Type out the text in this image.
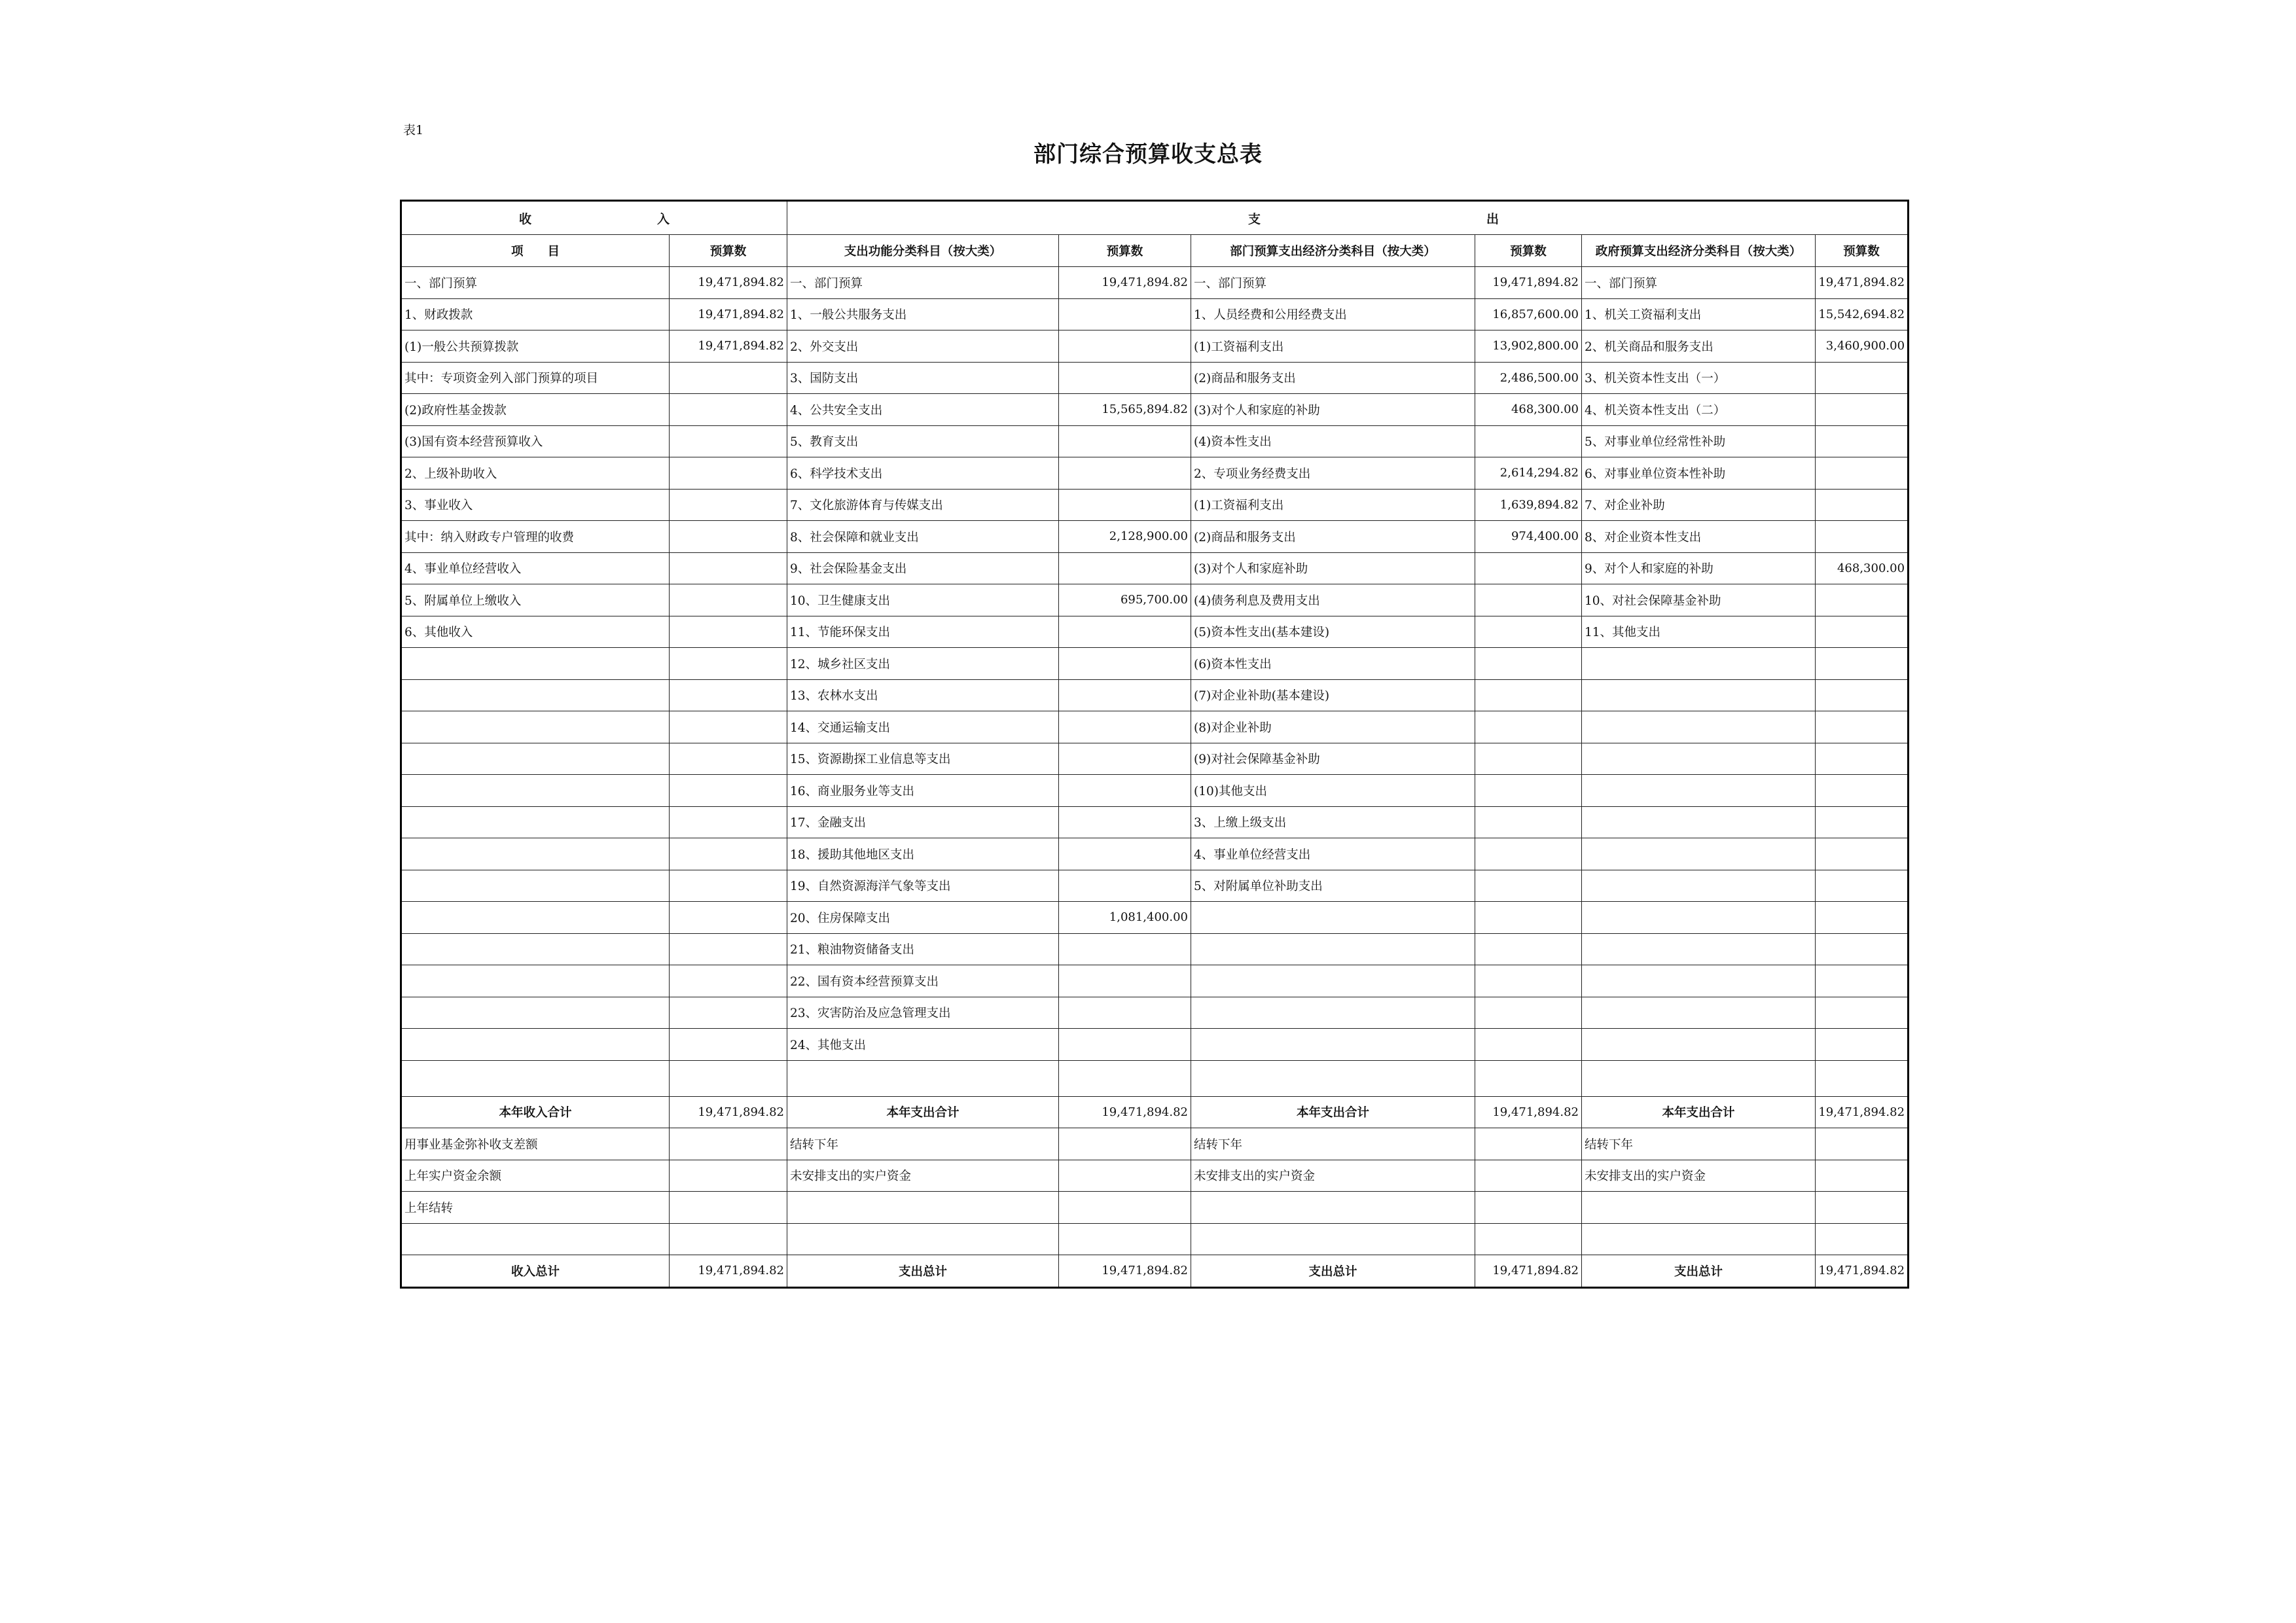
表1
部门综合预算收支总表
收 入		支 出					

项　　目	预算数	支出功能分类科目（按大类）	预算数	部门预算支出经济分类科目（按大类）	预算数	政府预算支出经济分类科目（按大类）	预算数
一、部门预算	19,471,894.82	一、部门预算	19,471,894.82	一、部门预算	19,471,894.82	一、部门预算	19,471,894.82
1、财政拨款	19,471,894.82	1、一般公共服务支出		1、人员经费和公用经费支出	16,857,600.00	1、机关工资福利支出	15,542,694.82
(1)一般公共预算拨款	19,471,894.82	2、外交支出		(1)工资福利支出	13,902,800.00	2、机关商品和服务支出	3,460,900.00
其中：专项资金列入部门预算的项目		3、国防支出		(2)商品和服务支出	2,486,500.00	3、机关资本性支出（一）	
(2)政府性基金拨款		4、公共安全支出	15,565,894.82	(3)对个人和家庭的补助	468,300.00	4、机关资本性支出（二）	
(3)国有资本经营预算收入		5、教育支出		(4)资本性支出		5、对事业单位经常性补助	
2、上级补助收入		6、科学技术支出		2、专项业务经费支出	2,614,294.82	6、对事业单位资本性补助	
3、事业收入		7、文化旅游体育与传媒支出		(1)工资福利支出	1,639,894.82	7、对企业补助	
其中：纳入财政专户管理的收费		8、社会保障和就业支出	2,128,900.00	(2)商品和服务支出	974,400.00	8、对企业资本性支出	
4、事业单位经营收入		9、社会保险基金支出		(3)对个人和家庭补助		9、对个人和家庭的补助	468,300.00
5、附属单位上缴收入		10、卫生健康支出	695,700.00	(4)债务利息及费用支出		10、对社会保障基金补助	
6、其他收入		11、节能环保支出		(5)资本性支出(基本建设)		11、其他支出	
		12、城乡社区支出		(6)资本性支出			
		13、农林水支出		(7)对企业补助(基本建设)			
		14、交通运输支出		(8)对企业补助			
		15、资源勘探工业信息等支出		(9)对社会保障基金补助			
		16、商业服务业等支出		(10)其他支出			
		17、金融支出		3、上缴上级支出			
		18、援助其他地区支出		4、事业单位经营支出			
		19、自然资源海洋气象等支出		5、对附属单位补助支出			
		20、住房保障支出	1,081,400.00				
		21、粮油物资储备支出					
		22、国有资本经营预算支出					
		23、灾害防治及应急管理支出					
		24、其他支出					

本年收入合计	19,471,894.82	本年支出合计	19,471,894.82	本年支出合计	19,471,894.82	本年支出合计	19,471,894.82
用事业基金弥补收支差额		结转下年		结转下年		结转下年	
上年实户资金余额		未安排支出的实户资金		未安排支出的实户资金		未安排支出的实户资金	
上年结转							

收入总计	19,471,894.82	支出总计	19,471,894.82	支出总计	19,471,894.82	支出总计	19,471,894.82
